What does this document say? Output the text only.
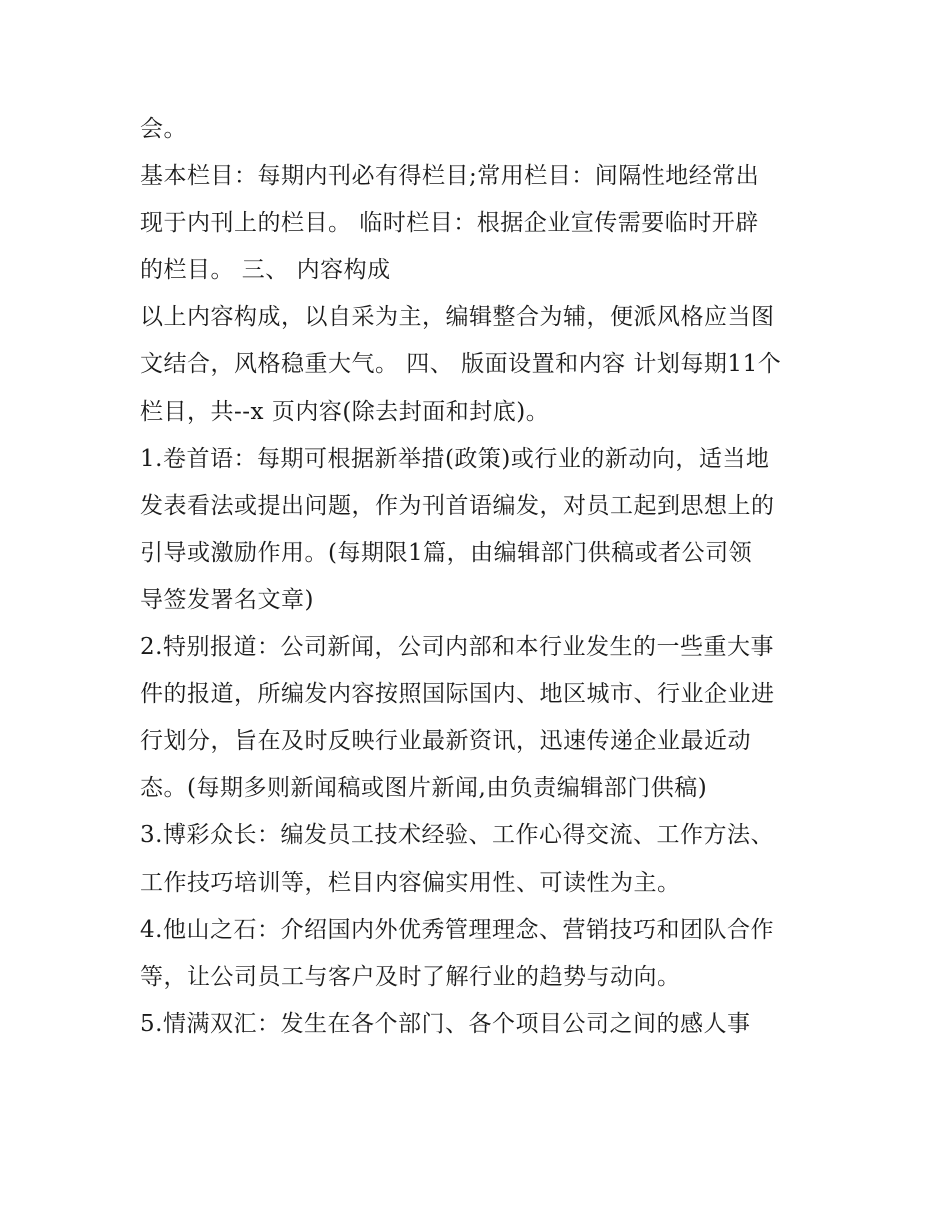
会。
基本栏目：每期内刊必有得栏目;常用栏目：间隔性地经常出
现于内刊上的栏目。 临时栏目：根据企业宣传需要临时开辟
的栏目。 三、 内容构成
以上内容构成，以自采为主，编辑整合为辅，便派风格应当图
文结合，风格稳重大气。 四、 版面设置和内容 计划每期11个
栏目，共--x 页内容(除去封面和封底)。
1.卷首语：每期可根据新举措(政策)或行业的新动向，适当地
发表看法或提出问题，作为刊首语编发，对员工起到思想上的
引导或激励作用。(每期限1篇，由编辑部门供稿或者公司领
导签发署名文章)
2.特别报道：公司新闻，公司内部和本行业发生的一些重大事
件的报道，所编发内容按照国际国内、地区城市、行业企业进
行划分，旨在及时反映行业最新资讯，迅速传递企业最近动
态。(每期多则新闻稿或图片新闻,由负责编辑部门供稿)
3.博彩众长：编发员工技术经验、工作心得交流、工作方法、
工作技巧培训等，栏目内容偏实用性、可读性为主。
4.他山之石：介绍国内外优秀管理理念、营销技巧和团队合作
等，让公司员工与客户及时了解行业的趋势与动向。
5.情满双汇：发生在各个部门、各个项目公司之间的感人事
